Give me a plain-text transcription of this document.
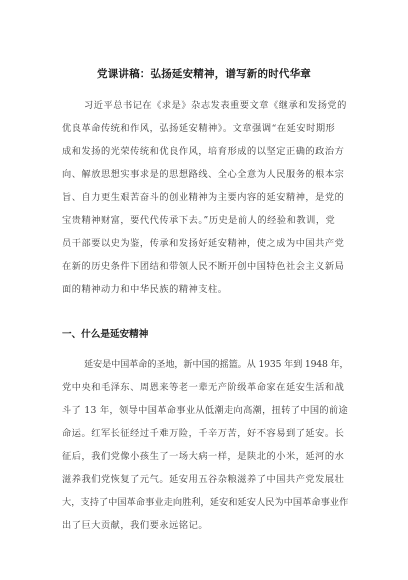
党课讲稿：弘扬延安精神，谱写新的时代华章
习近平总书记在《求是》杂志发表重要文章《继承和发扬党的
优良革命传统和作风，弘扬延安精神》。文章强调“在延安时期形
成和发扬的光荣传统和优良作风，培育形成的以坚定正确的政治方
向、解放思想实事求是的思想路线、全心全意为人民服务的根本宗
旨、自力更生艰苦奋斗的创业精神为主要内容的延安精神，是党的
宝贵精神财富，要代代传承下去。”历史是前人的经验和教训，党
员干部要以史为鉴，传承和发扬好延安精神，使之成为中国共产党
在新的历史条件下团结和带领人民不断开创中国特色社会主义新局
面的精神动力和中华民族的精神支柱。
一、什么是延安精神
延安是中国革命的圣地，新中国的摇篮。从 1935 年到 1948 年，
党中央和毛泽东、周恩来等老一辈无产阶级革命家在延安生活和战
斗了 13 年，领导中国革命事业从低潮走向高潮，扭转了中国的前途
命运。红军长征经过千难万险，千辛万苦，好不容易到了延安。长
征后，我们党像小孩生了一场大病一样，是陕北的小米，延河的水
滋养我们党恢复了元气。延安用五谷杂粮滋养了中国共产党发展壮
大，支持了中国革命事业走向胜利，延安和延安人民为中国革命事业作
出了巨大贡献，我们要永远铭记。
